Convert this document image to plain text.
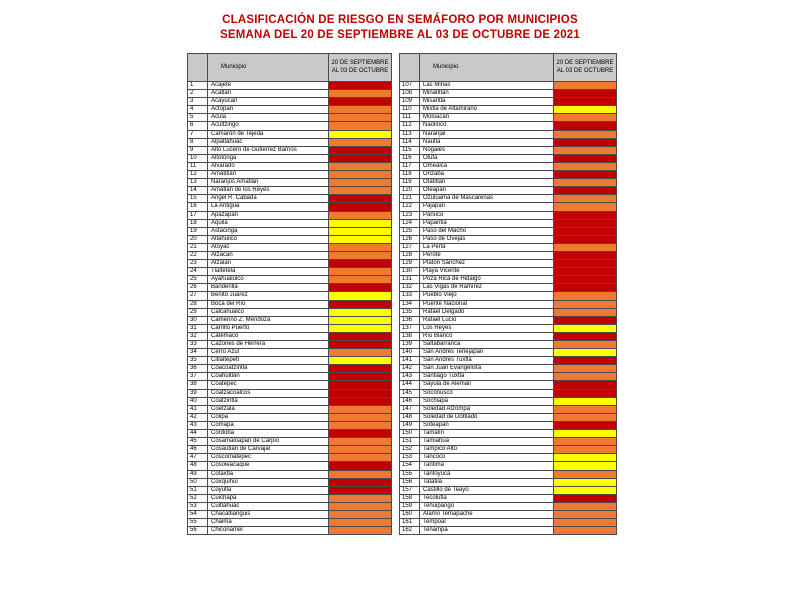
CLASIFICACIÓN DE RIESGO EN SEMÁFORO POR MUNICIPIOS
SEMANA DEL 20 DE SEPTIEMBRE AL 03 DE OCTUBRE DE 2021
	Municipio	20 DE SEPTIEMBRE AL 03 DE OCTUBRE
1	Acajete	
2	Acatlán	
3	Acayucan	
4	Actopan	
5	Acula	
6	Acultzingo	
7	Camarón de Tejeda	
8	Alpatláhuac	
9	Alto Lucero de Gutiérrez Barrios	
10	Altotonga	
11	Alvarado	
12	Amatitlán	
13	Naranjos Amatlán	
14	Amatlán de los Reyes	
15	Angel R. Cabada	
16	La Antigua	
17	Apazapan	
18	Aquila	
19	Astacinga	
20	Atlahuilco	
21	Atoyac	
22	Atzacan	
23	Atzalan	
24	Tlaltetela	
25	Ayahualulco	
26	Banderilla	
27	Benito Juárez	
28	Boca del Río	
29	Calcahualco	
30	Camerino Z. Mendoza	
31	Carrillo Puerto	
32	Catemaco	
33	Cazones de Herrera	
34	Cerro Azul	
35	Citlaltépetl	
36	Coacoatzintla	
37	Coahuitlán	
38	Coatepec	
39	Coatzacoalcos	
40	Coatzintla	
41	Coetzala	
42	Colipa	
43	Comapa	
44	Córdoba	
45	Cosamaloapan de Carpio	
46	Cosautlán de Carvajal	
47	Coscomatepec	
48	Cosoleacaque	
49	Cotaxtla	
50	Coxquihui	
51	Coyutla	
52	Cuichapa	
53	Cuitláhuac	
54	Chacaltianguis	
55	Chalma	
56	Chiconamel	
	Municipio	20 DE SEPTIEMBRE AL 03 DE OCTUBRE
107	Las Minas	
108	Minatitlán	
109	Misantla	
110	Mixtla de Altamirano	
111	Moloacán	
112	Naolinco	
113	Naranjal	
114	Nautla	
115	Nogales	
116	Oluta	
117	Omealca	
118	Orizaba	
119	Otatitlán	
120	Oteapan	
121	Ozuluama de Mascareñas	
122	Pajapan	
123	Pánuco	
124	Papantla	
125	Paso del Macho	
126	Paso de Ovejas	
127	La Perla	
128	Perote	
129	Platón Sánchez	
130	Playa Vicente	
131	Poza Rica de Hidalgo	
132	Las Vigas de Ramírez	
133	Pueblo Viejo	
134	Puente Nacional	
135	Rafael Delgado	
136	Rafael Lucio	
137	Los Reyes	
138	Río Blanco	
139	Saltabarranca	
140	San Andrés Tenejapan	
141	San Andrés Tuxtla	
142	San Juan Evangelista	
143	Santiago Tuxtla	
144	Sayula de Alemán	
145	Soconusco	
146	Sochiapa	
147	Soledad Atzompa	
148	Soledad de Doblado	
149	Soteapan	
150	Tamalín	
151	Tamiahua	
152	Tampico Alto	
153	Tancoco	
154	Tantima	
155	Tantoyuca	
156	Tatatila	
157	Castillo de Teayo	
158	Tecolutla	
159	Tehuipango	
160	Álamo Temapache	
161	Tempoal	
162	Tenampa	
